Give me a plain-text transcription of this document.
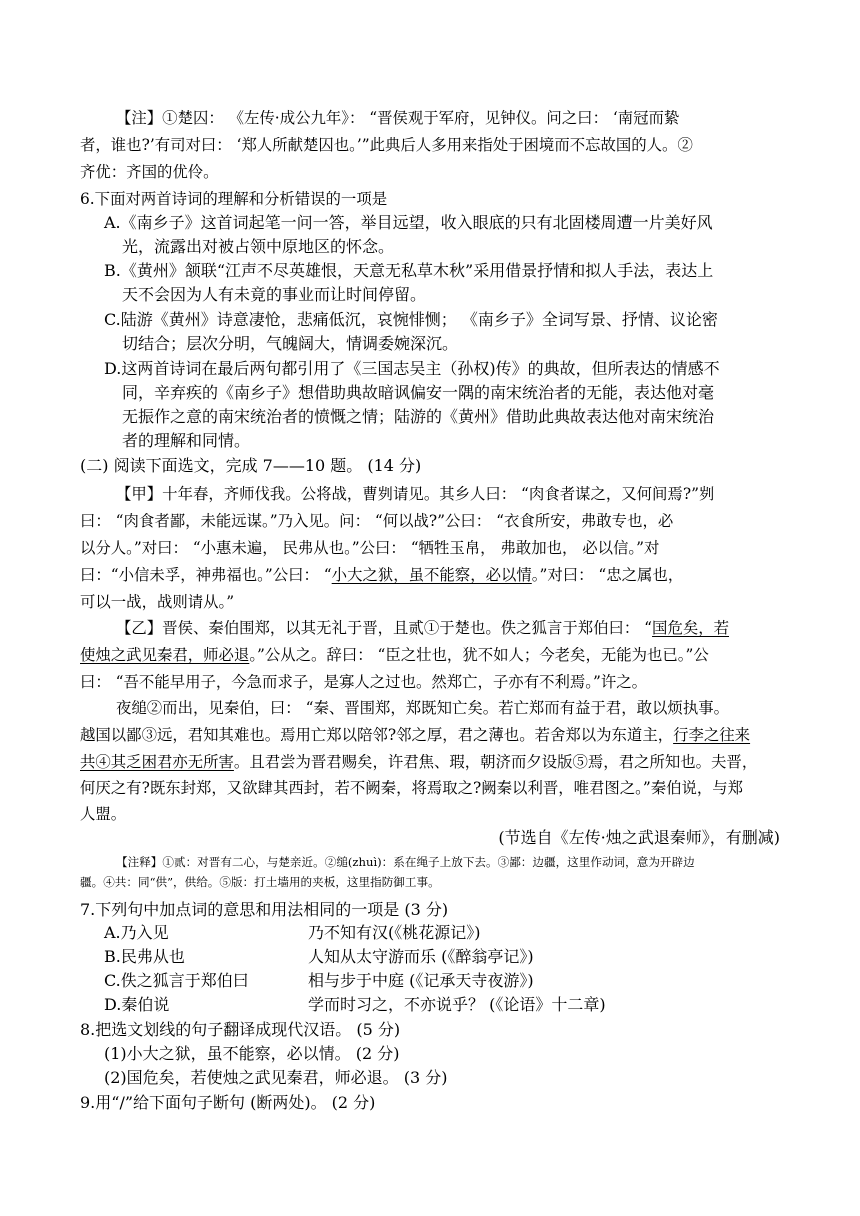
【注】①楚囚： 《左传·成公九年》： “晋侯观于军府，见钟仪。问之曰： ‘南冠而絷
者，谁也?’有司对曰： ‘郑人所献楚囚也。’”此典后人多用来指处于困境而不忘故国的人。②
齐优：齐国的优伶。
6.下面对两首诗词的理解和分析错误的一项是
A.《南乡子》这首词起笔一问一答，举目远望，收入眼底的只有北固楼周遭一片美好风
光，流露出对被占领中原地区的怀念。
B.《黄州》颔联“江声不尽英雄恨，天意无私草木秋”采用借景抒情和拟人手法，表达上
天不会因为人有未竟的事业而让时间停留。
C.陆游《黄州》诗意凄怆，悲痛低沉，哀惋悱恻； 《南乡子》全词写景、抒情、议论密
切结合；层次分明，气魄阔大，情调委婉深沉。
D.这两首诗词在最后两句都引用了《三国志吴主（孙权)传》的典故，但所表达的情感不
同，辛弃疾的《南乡子》想借助典故暗讽偏安一隅的南宋统治者的无能，表达他对毫
无振作之意的南宋统治者的愤慨之情；陆游的《黄州》借助此典故表达他对南宋统治
者的理解和同情。
(二) 阅读下面选文，完成 7——10 题。 (14 分)
【甲】十年春，齐师伐我。公将战，曹刿请见。其乡人曰： “肉食者谋之，又何间焉?”刿
曰： “肉食者鄙，未能远谋。”乃入见。问： “何以战?”公曰： “衣食所安，弗敢专也，必
以分人。”对曰： “小惠未遍， 民弗从也。”公曰： “牺牲玉帛， 弗敢加也， 必以信。”对
曰：“小信未孚，神弗福也。”公曰： “小大之狱，虽不能察，必以情。”对曰： “忠之属也，
可以一战，战则请从。”
【乙】晋侯、秦伯围郑，以其无礼于晋，且贰①于楚也。佚之狐言于郑伯曰： “国危矣，若
使烛之武见秦君，师必退。”公从之。辞曰： “臣之壮也，犹不如人；今老矣，无能为也已。”公
曰： “吾不能早用子，今急而求子，是寡人之过也。然郑亡，子亦有不利焉。”许之。
夜缒②而出，见秦伯，曰： “秦、晋围郑，郑既知亡矣。若亡郑而有益于君，敢以烦执事。
越国以鄙③远，君知其难也。焉用亡郑以陪邻?邻之厚，君之薄也。若舍郑以为东道主，行李之往来
共④其乏困君亦无所害。且君尝为晋君赐矣，许君焦、瑕，朝济而夕设版⑤焉，君之所知也。夫晋，
何厌之有?既东封郑，又欲肆其西封，若不阙秦，将焉取之?阙秦以利晋，唯君图之。”秦伯说，与郑
人盟。
(节选自《左传·烛之武退秦师》，有删减)
【注释】①贰：对晋有二心，与楚亲近。②缒(zhuì)：系在绳子上放下去。③鄙：边疆，这里作动词，意为开辟边
疆。④共：同“供”，供给。⑤版：打土墙用的夹板，这里指防御工事。
7.下列句中加点词的意思和用法相同的一项是 (3 分)
A.乃入见	乃不知有汉(《桃花源记》)
B.民弗从也	人知从太守游而乐 (《醉翁亭记》)
C.佚之狐言于郑伯曰	相与步于中庭 (《记承天寺夜游》)
D.秦伯说	学而时习之，不亦说乎？ (《论语》十二章)
8.把选文划线的句子翻译成现代汉语。 (5 分)
(1)小大之狱，虽不能察，必以情。 (2 分)
(2)国危矣，若使烛之武见秦君，师必退。 (3 分)
9.用“/”给下面句子断句 (断两处)。 (2 分)
